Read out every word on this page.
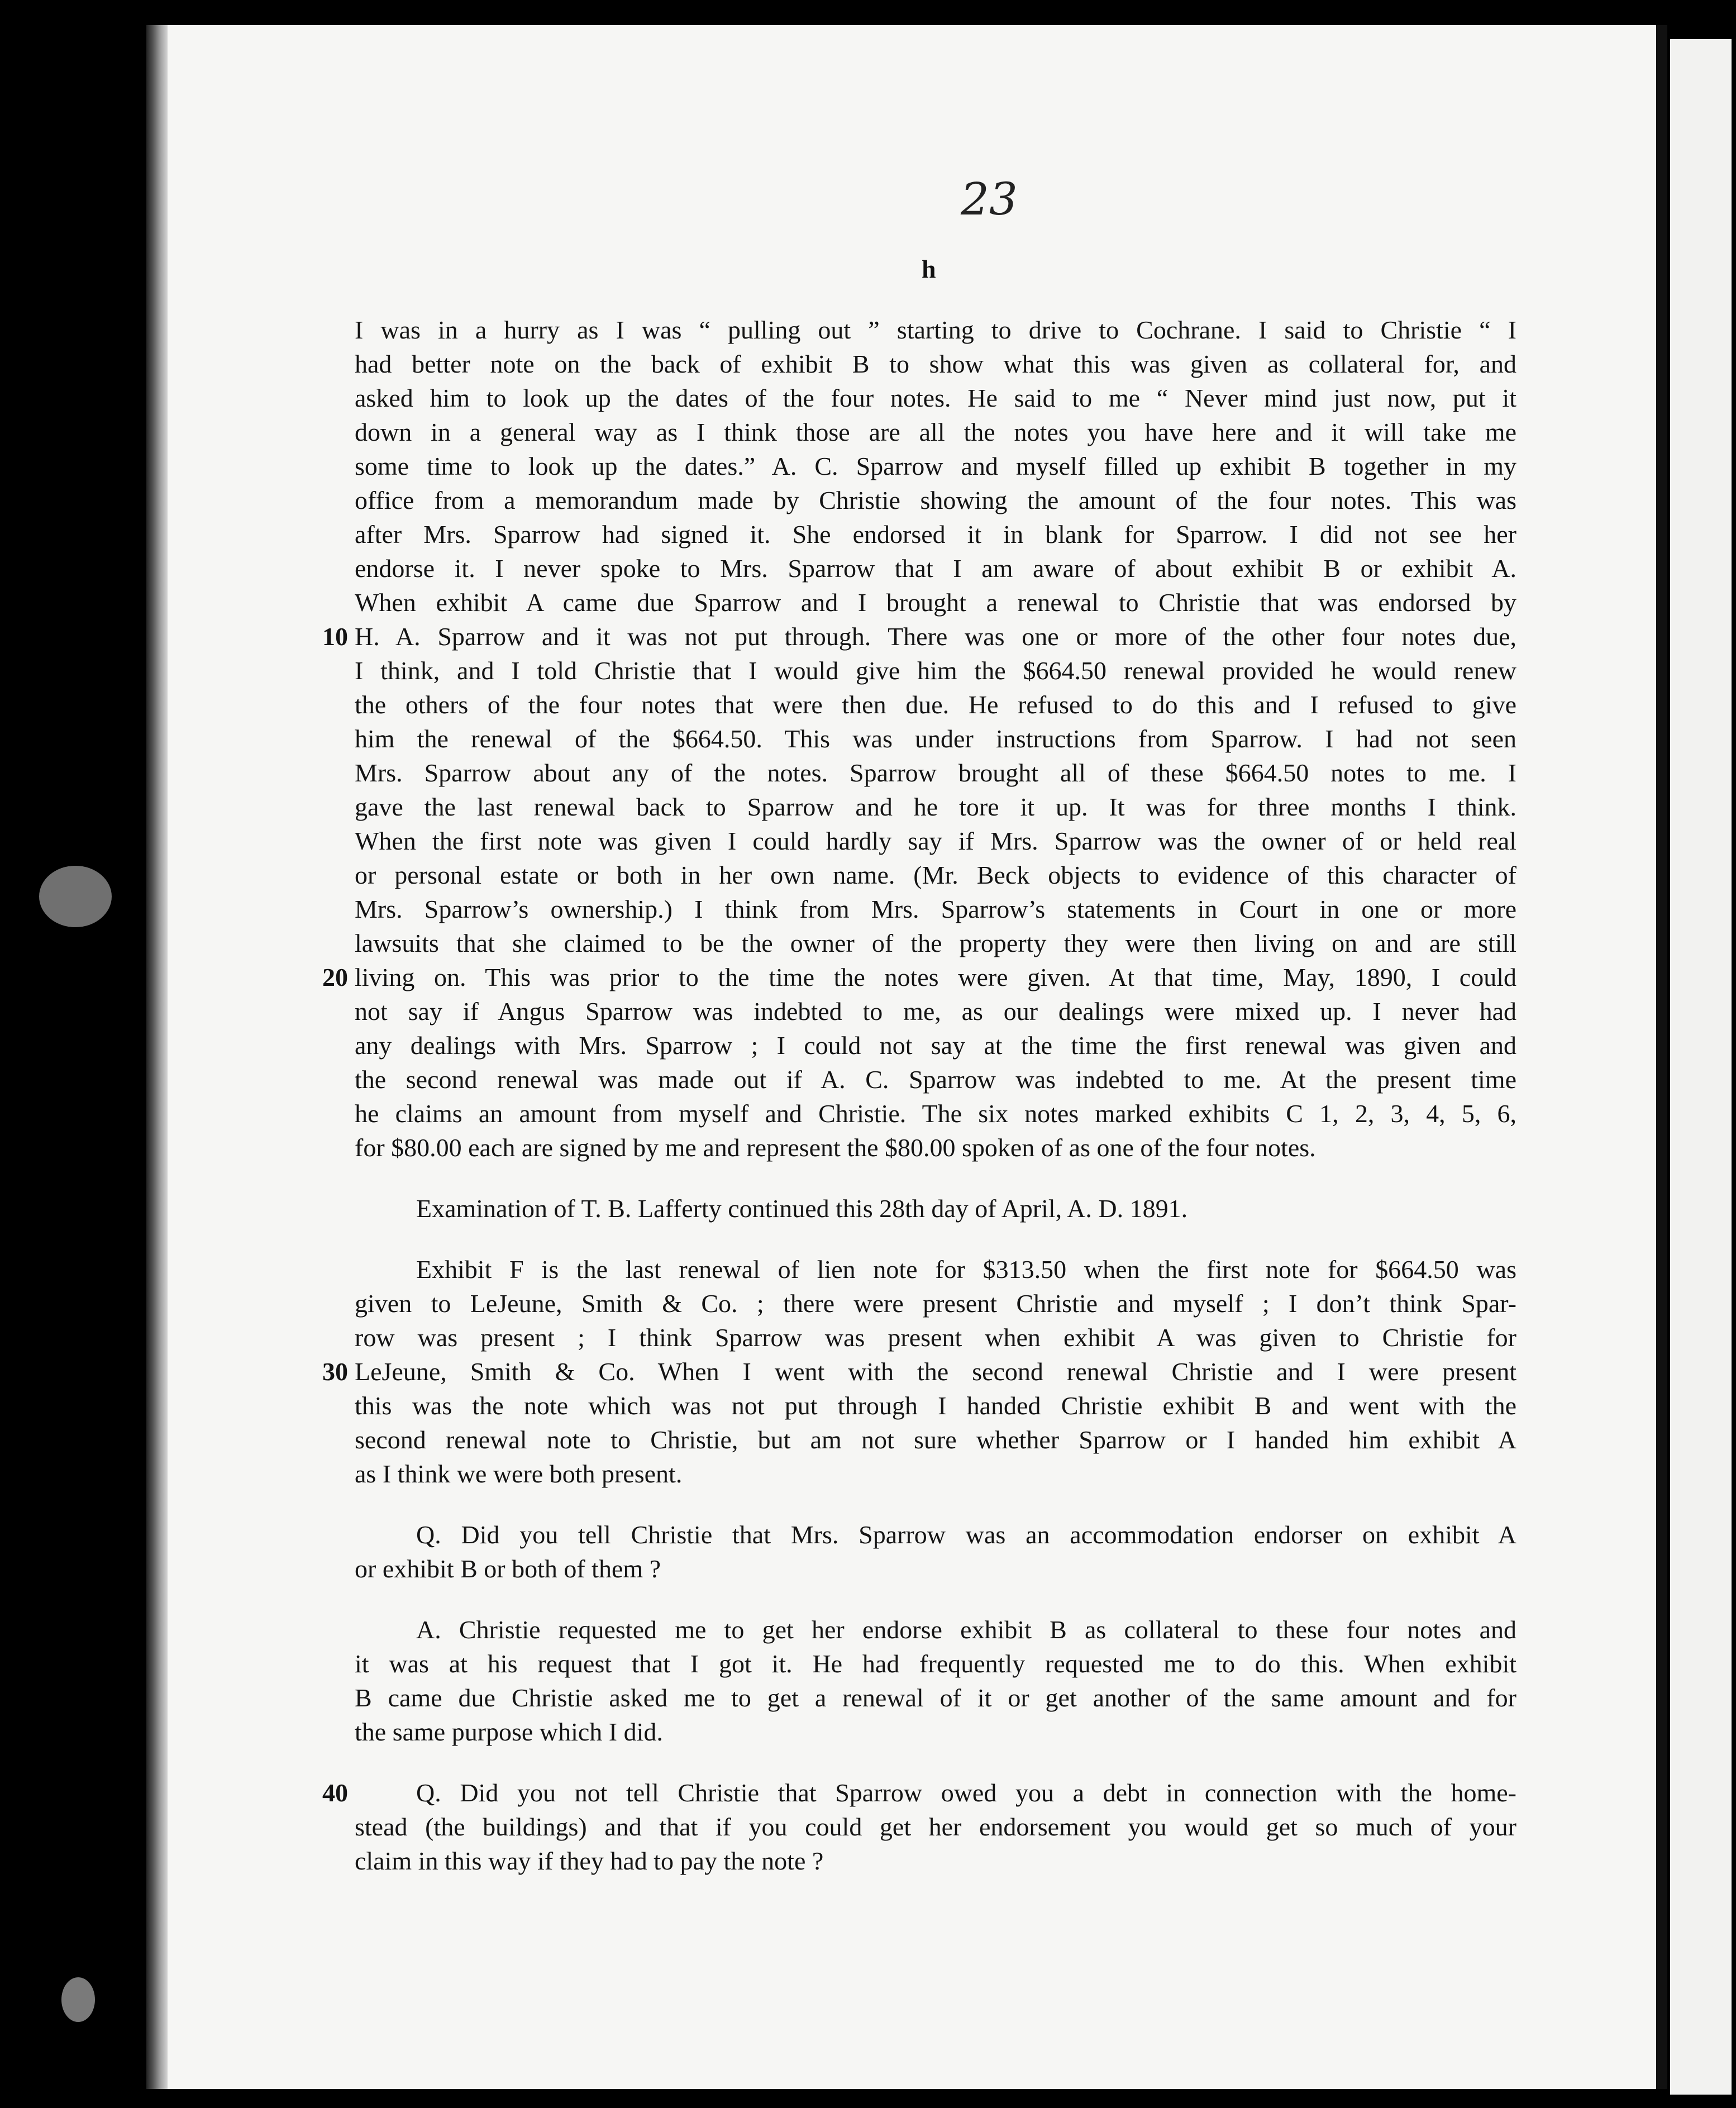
23
h
I was in a hurry as I was “ pulling out ” starting to drive to Cochrane. I said to Christie “ I
had better note on the back of exhibit B to show what this was given as collateral for, and
asked him to look up the dates of the four notes. He said to me “ Never mind just now, put it
down in a general way as I think those are all the notes you have here and it will take me
some time to look up the dates.” A. C. Sparrow and myself filled up exhibit B together in my
office from a memorandum made by Christie showing the amount of the four notes. This was
after Mrs. Sparrow had signed it. She endorsed it in blank for Sparrow. I did not see her
endorse it. I never spoke to Mrs. Sparrow that I am aware of about exhibit B or exhibit A.
When exhibit A came due Sparrow and I brought a renewal to Christie that was endorsed by
10 H. A. Sparrow and it was not put through. There was one or more of the other four notes due,
I think, and I told Christie that I would give him the $664.50 renewal provided he would renew
the others of the four notes that were then due. He refused to do this and I refused to give
him the renewal of the $664.50. This was under instructions from Sparrow. I had not seen
Mrs. Sparrow about any of the notes. Sparrow brought all of these $664.50 notes to me. I
gave the last renewal back to Sparrow and he tore it up. It was for three months I think.
When the first note was given I could hardly say if Mrs. Sparrow was the owner of or held real
or personal estate or both in her own name. (Mr. Beck objects to evidence of this character of
Mrs. Sparrow’s ownership.) I think from Mrs. Sparrow’s statements in Court in one or more
lawsuits that she claimed to be the owner of the property they were then living on and are still
20 living on. This was prior to the time the notes were given. At that time, May, 1890, I could
not say if Angus Sparrow was indebted to me, as our dealings were mixed up. I never had
any dealings with Mrs. Sparrow ; I could not say at the time the first renewal was given and
the second renewal was made out if A. C. Sparrow was indebted to me. At the present time
he claims an amount from myself and Christie. The six notes marked exhibits C 1, 2, 3, 4, 5, 6,
for $80.00 each are signed by me and represent the $80.00 spoken of as one of the four notes.
Examination of T. B. Lafferty continued this 28th day of April, A. D. 1891.
Exhibit F is the last renewal of lien note for $313.50 when the first note for $664.50 was
given to LeJeune, Smith & Co. ; there were present Christie and myself ; I don’t think Spar-
row was present ; I think Sparrow was present when exhibit A was given to Christie for
30 LeJeune, Smith & Co. When I went with the second renewal Christie and I were present
this was the note which was not put through I handed Christie exhibit B and went with the
second renewal note to Christie, but am not sure whether Sparrow or I handed him exhibit A
as I think we were both present.
Q. Did you tell Christie that Mrs. Sparrow was an accommodation endorser on exhibit A
or exhibit B or both of them ?
A. Christie requested me to get her endorse exhibit B as collateral to these four notes and
it was at his request that I got it. He had frequently requested me to do this. When exhibit
B came due Christie asked me to get a renewal of it or get another of the same amount and for
the same purpose which I did.
40	Q. Did you not tell Christie that Sparrow owed you a debt in connection with the home-
stead (the buildings) and that if you could get her endorsement you would get so much of your
claim in this way if they had to pay the note ?
